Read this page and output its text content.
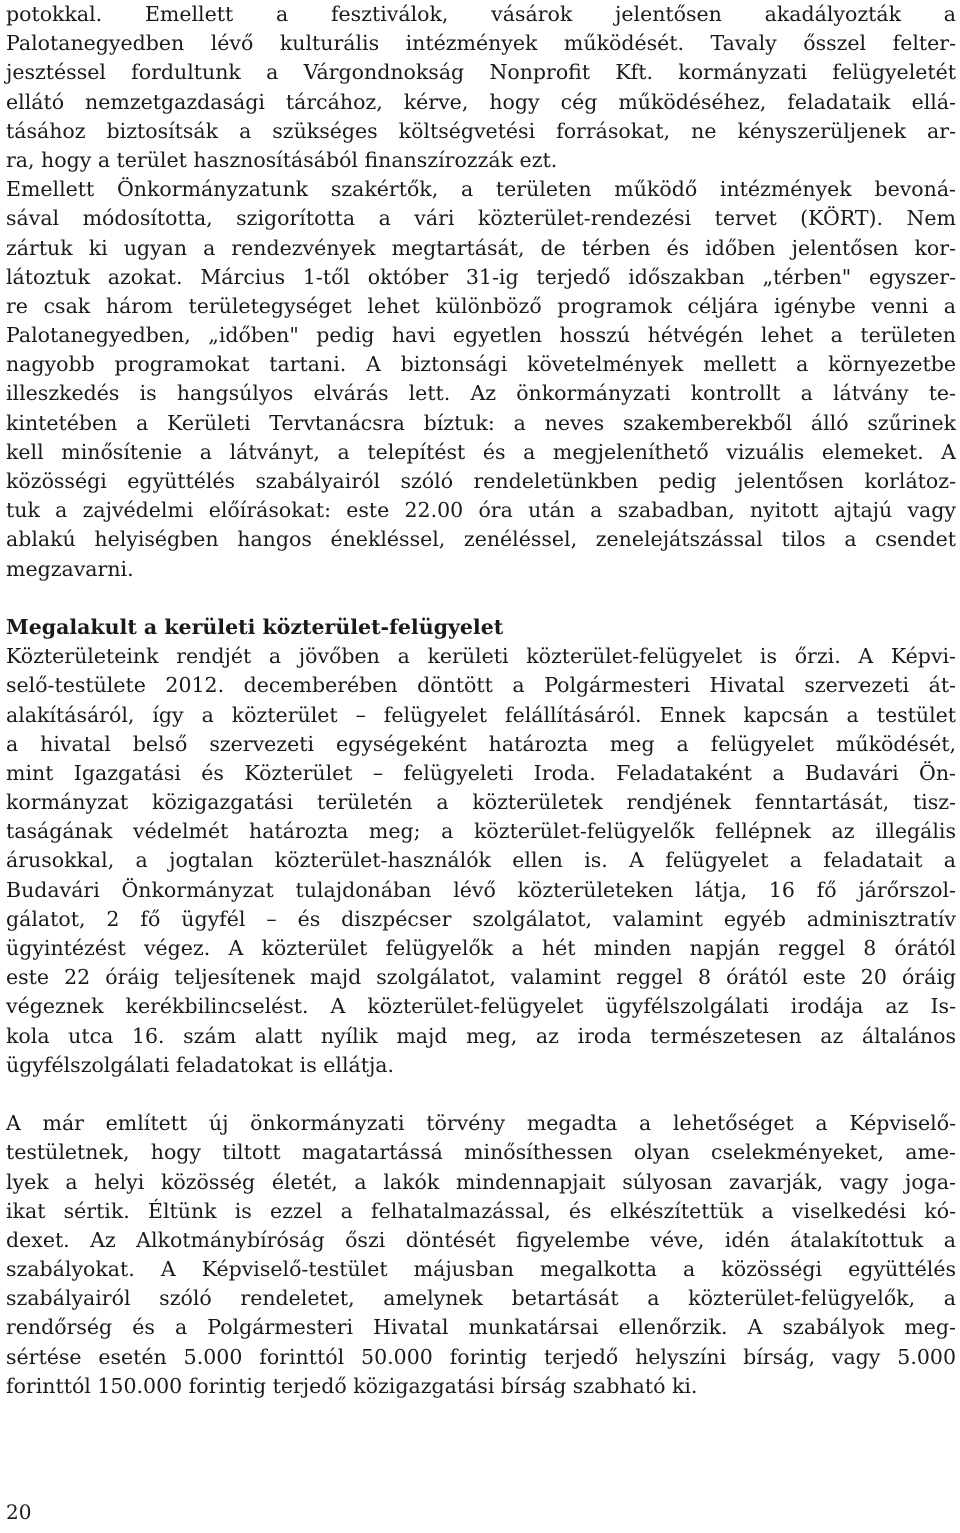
potokkal. Emellett a fesztiválok, vásárok jelentősen akadályozták a
Palotanegyedben lévő kulturális intézmények működését. Tavaly ősszel felter-
jesztéssel fordultunk a Várgondnokság Nonprofit Kft. kormányzati felügyeletét
ellátó nemzetgazdasági tárcához, kérve, hogy cég működéséhez, feladataik ellá-
tásához biztosítsák a szükséges költségvetési forrásokat, ne kényszerüljenek ar-
ra, hogy a terület hasznosításából finanszírozzák ezt.
Emellett Önkormányzatunk szakértők, a területen működő intézmények bevoná-
sával módosította, szigorította a vári közterület-rendezési tervet (KÖRT). Nem
zártuk ki ugyan a rendezvények megtartását, de térben és időben jelentősen kor-
látoztuk azokat. Március 1-től október 31-ig terjedő időszakban „térben" egyszer-
re csak három területegységet lehet különböző programok céljára igénybe venni a
Palotanegyedben, „időben" pedig havi egyetlen hosszú hétvégén lehet a területen
nagyobb programokat tartani. A biztonsági követelmények mellett a környezetbe
illeszkedés is hangsúlyos elvárás lett. Az önkormányzati kontrollt a látvány te-
kintetében a Kerületi Tervtanácsra bíztuk: a neves szakemberekből álló szűrinek
kell minősítenie a látványt, a telepítést és a megjeleníthető vizuális elemeket. A
közösségi együttélés szabályairól szóló rendeletünkben pedig jelentősen korlátoz-
tuk a zajvédelmi előírásokat: este 22.00 óra után a szabadban, nyitott ajtajú vagy
ablakú helyiségben hangos énekléssel, zenéléssel, zenelejátszással tilos a csendet
megzavarni.
Megalakult a kerületi közterület-felügyelet
Közterületeink rendjét a jövőben a kerületi közterület-felügyelet is őrzi. A Képvi-
selő-testülete 2012. decemberében döntött a Polgármesteri Hivatal szervezeti át-
alakításáról, így a közterület – felügyelet felállításáról. Ennek kapcsán a testület
a hivatal belső szervezeti egységeként határozta meg a felügyelet működését,
mint Igazgatási és Közterület – felügyeleti Iroda. Feladataként a Budavári Ön-
kormányzat közigazgatási területén a közterületek rendjének fenntartását, tisz-
taságának védelmét határozta meg; a közterület-felügyelők fellépnek az illegális
árusokkal, a jogtalan közterület-használók ellen is. A felügyelet a feladatait a
Budavári Önkormányzat tulajdonában lévő közterületeken látja, 16 fő járőrszol-
gálatot, 2 fő ügyfél – és diszpécser szolgálatot, valamint egyéb adminisztratív
ügyintézést végez. A közterület felügyelők a hét minden napján reggel 8 órától
este 22 óráig teljesítenek majd szolgálatot, valamint reggel 8 órától este 20 óráig
végeznek kerékbilincselést. A közterület-felügyelet ügyfélszolgálati irodája az Is-
kola utca 16. szám alatt nyílik majd meg, az iroda természetesen az általános
ügyfélszolgálati feladatokat is ellátja.
A már említett új önkormányzati törvény megadta a lehetőséget a Képviselő-
testületnek, hogy tiltott magatartássá minősíthessen olyan cselekményeket, ame-
lyek a helyi közösség életét, a lakók mindennapjait súlyosan zavarják, vagy joga-
ikat sértik. Éltünk is ezzel a felhatalmazással, és elkészítettük a viselkedési kó-
dexet. Az Alkotmánybíróság őszi döntését figyelembe véve, idén átalakítottuk a
szabályokat. A Képviselő-testület májusban megalkotta a közösségi együttélés
szabályairól szóló rendeletet, amelynek betartását a közterület-felügyelők, a
rendőrség és a Polgármesteri Hivatal munkatársai ellenőrzik. A szabályok meg-
sértése esetén 5.000 forinttól 50.000 forintig terjedő helyszíni bírság, vagy 5.000
forinttól 150.000 forintig terjedő közigazgatási bírság szabható ki.
20
